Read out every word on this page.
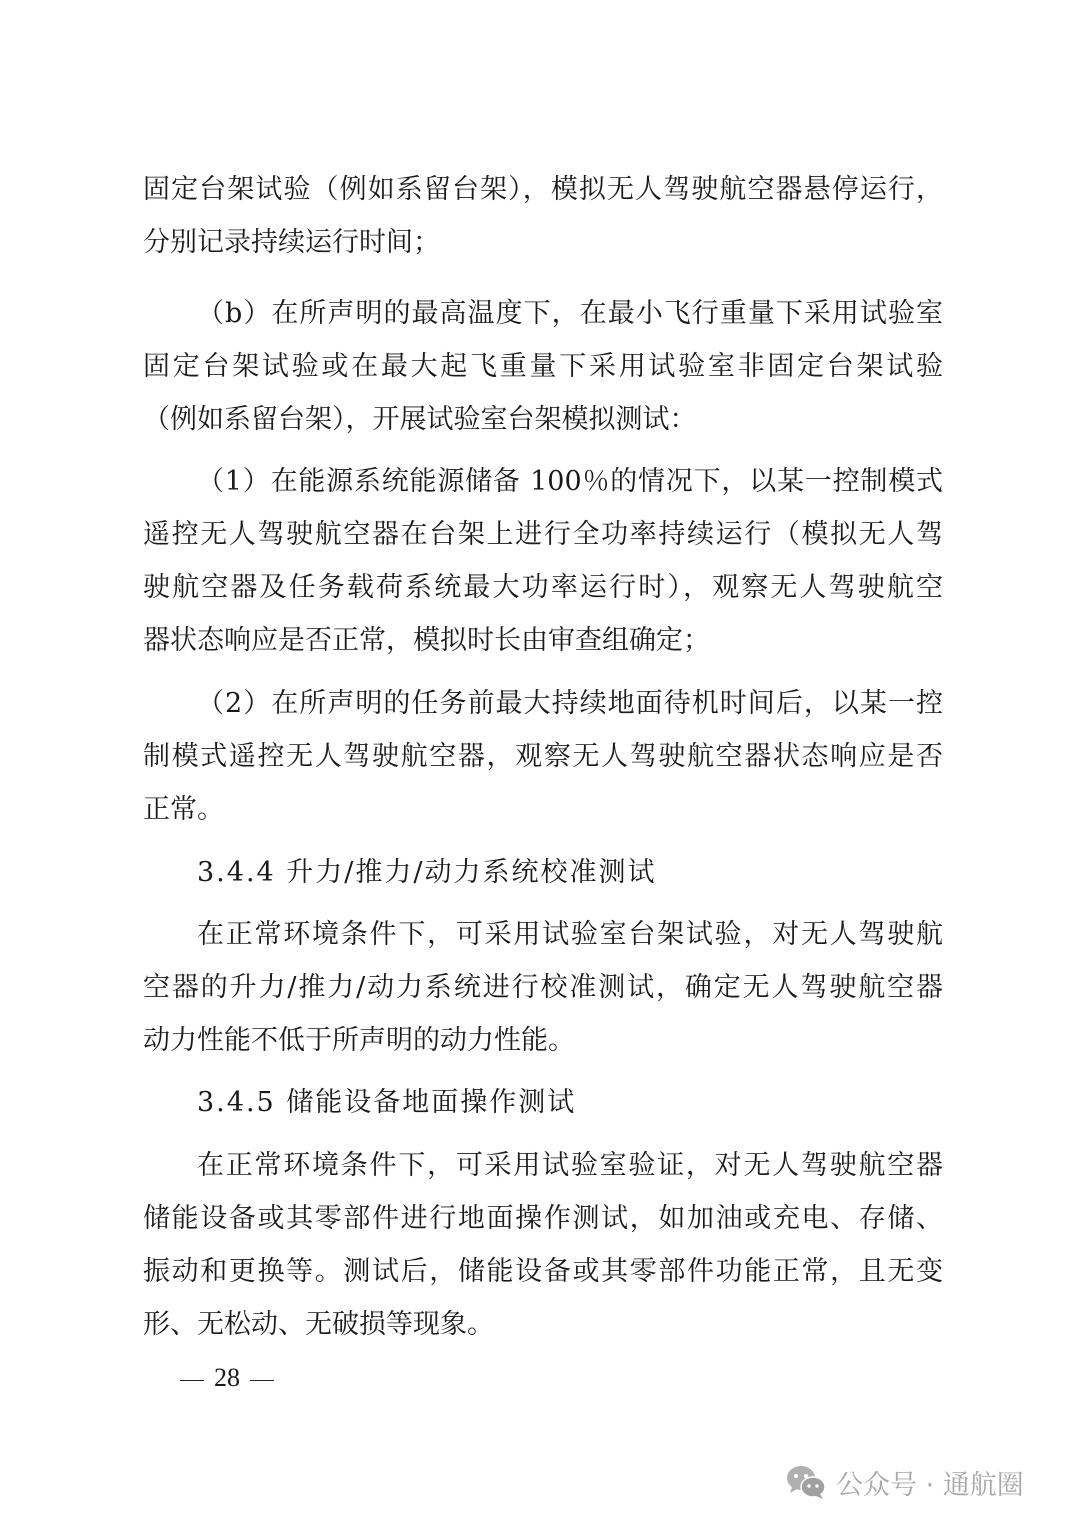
固定台架试验（例如系留台架），模拟无人驾驶航空器悬停运行，
分别记录持续运行时间；
（b）在所声明的最高温度下，在最小飞行重量下采用试验室
固定台架试验或在最大起飞重量下采用试验室非固定台架试验
（例如系留台架），开展试验室台架模拟测试：
（1）在能源系统能源储备 100％的情况下，以某一控制模式
遥控无人驾驶航空器在台架上进行全功率持续运行（模拟无人驾
驶航空器及任务载荷系统最大功率运行时），观察无人驾驶航空
器状态响应是否正常，模拟时长由审查组确定；
（2）在所声明的任务前最大持续地面待机时间后，以某一控
制模式遥控无人驾驶航空器，观察无人驾驶航空器状态响应是否
正常。
3.4.4 升力/推力/动力系统校准测试
在正常环境条件下，可采用试验室台架试验，对无人驾驶航
空器的升力/推力/动力系统进行校准测试，确定无人驾驶航空器
动力性能不低于所声明的动力性能。
3.4.5 储能设备地面操作测试
在正常环境条件下，可采用试验室验证，对无人驾驶航空器
储能设备或其零部件进行地面操作测试，如加油或充电、存储、
振动和更换等。测试后，储能设备或其零部件功能正常，且无变
形、无松动、无破损等现象。
28
公众号 · 通航圈
